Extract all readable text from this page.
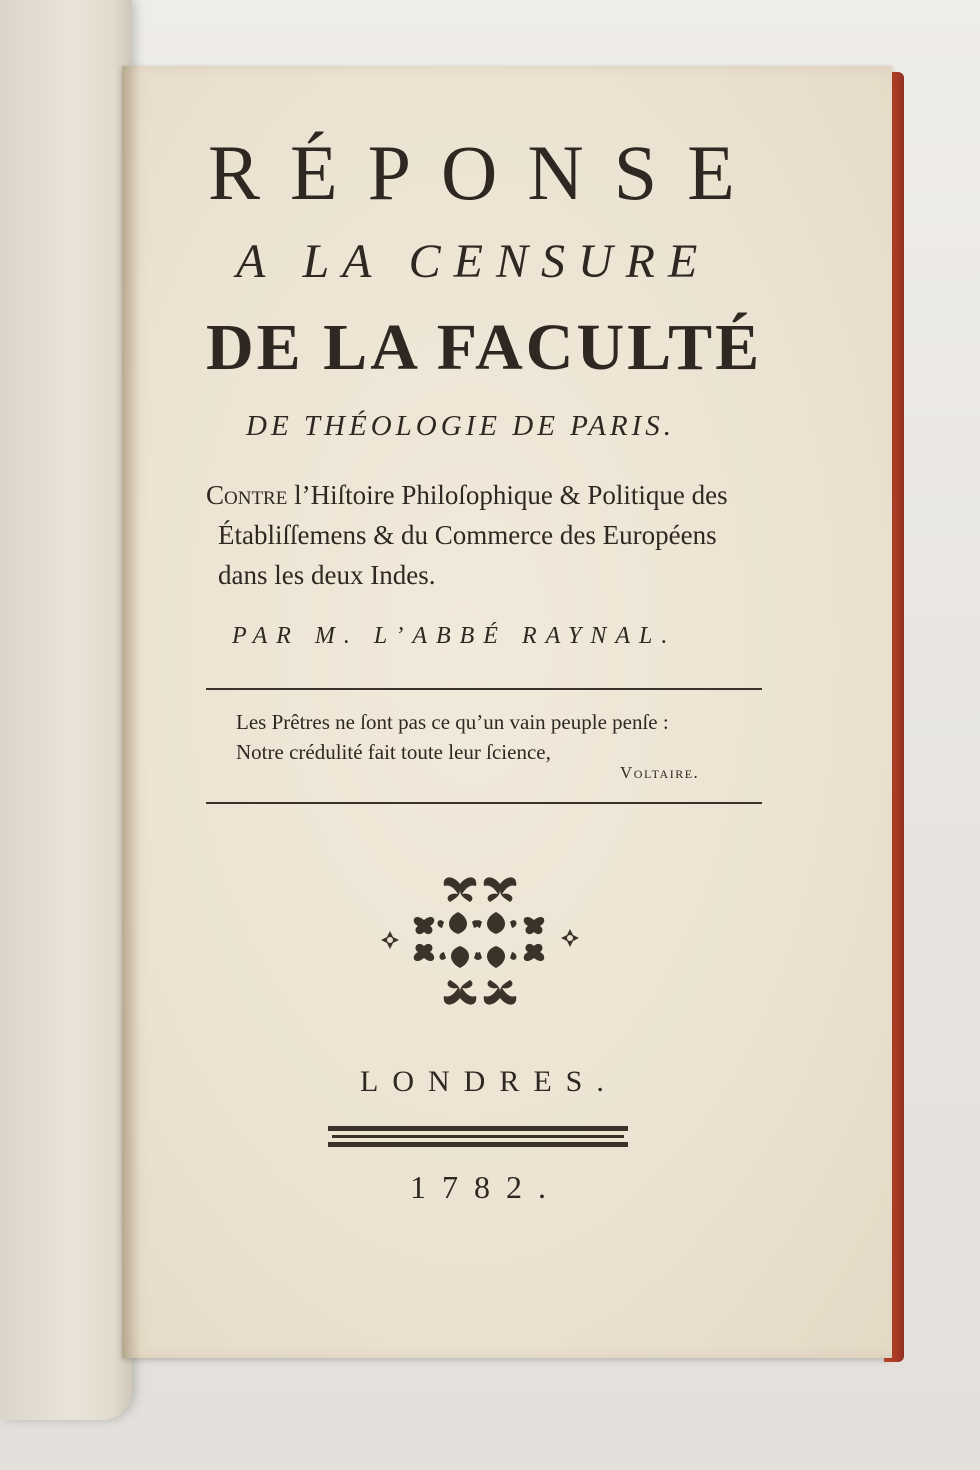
RÉPONSE
A LA CENSURE
DE LA FACULTÉ
DE THÉOLOGIE DE PARIS.
Contre l’Hiſtoire Philoſophique & Politique des
Établiſſemens & du Commerce des Européens
dans les deux Indes.
PAR M. L’ABBÉ RAYNAL.
Les Prêtres ne ſont pas ce qu’un vain peuple penſe :
Notre crédulité fait toute leur ſcience,
Voltaire.
LONDRES.
1782.
